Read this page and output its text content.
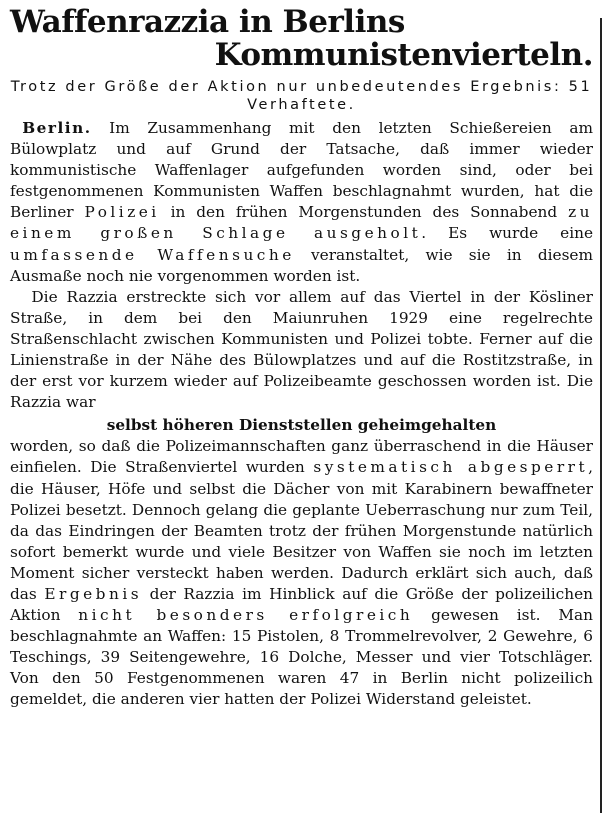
Waffenrazzia in Berlins
Kommunistenvierteln.
Trotz der Größe der Aktion nur unbedeutendes Ergebnis: 51 Verhaftete.

Berlin. Im Zusammenhang mit den letzten Schießereien am Bülowplatz und auf Grund der Tatsache, daß immer wieder kommunistische Waffenlager aufgefunden worden sind, oder bei festgenommenen Kommunisten Waffen beschlagnahmt wurden, hat die Berliner Polizei in den frühen Morgenstunden des Sonnabend zu einem großen Schlage ausgeholt. Es wurde eine umfassende Waffensuche veranstaltet, wie sie in diesem Ausmaße noch nie vorgenommen worden ist.

Die Razzia erstreckte sich vor allem auf das Viertel in der Kösliner Straße, in dem bei den Maiunruhen 1929 eine regelrechte Straßenschlacht zwischen Kommunisten und Polizei tobte. Ferner auf die Linienstraße in der Nähe des Bülowplatzes und auf die Rostitzstraße, in der erst vor kurzem wieder auf Polizeibeamte geschossen worden ist. Die Razzia war

selbst höheren Dienststellen geheimgehalten

worden, so daß die Polizeimannschaften ganz überraschend in die Häuser einfielen. Die Straßenviertel wurden systematisch abgesperrt, die Häuser, Höfe und selbst die Dächer von mit Karabinern bewaffneter Polizei besetzt. Dennoch gelang die geplante Ueberraschung nur zum Teil, da das Eindringen der Beamten trotz der frühen Morgenstunde natürlich sofort bemerkt wurde und viele Besitzer von Waffen sie noch im letzten Moment sicher versteckt haben werden. Dadurch erklärt sich auch, daß das Ergebnis der Razzia im Hinblick auf die Größe der polizeilichen Aktion nicht besonders erfolgreich gewesen ist. Man beschlagnahmte an Waffen: 15 Pistolen, 8 Trommelrevolver, 2 Gewehre, 6 Teschings, 39 Seitengewehre, 16 Dolche, Messer und vier Totschläger. Von den 50 Festgenommenen waren 47 in Berlin nicht polizeilich gemeldet, die anderen vier hatten der Polizei Widerstand geleistet.
